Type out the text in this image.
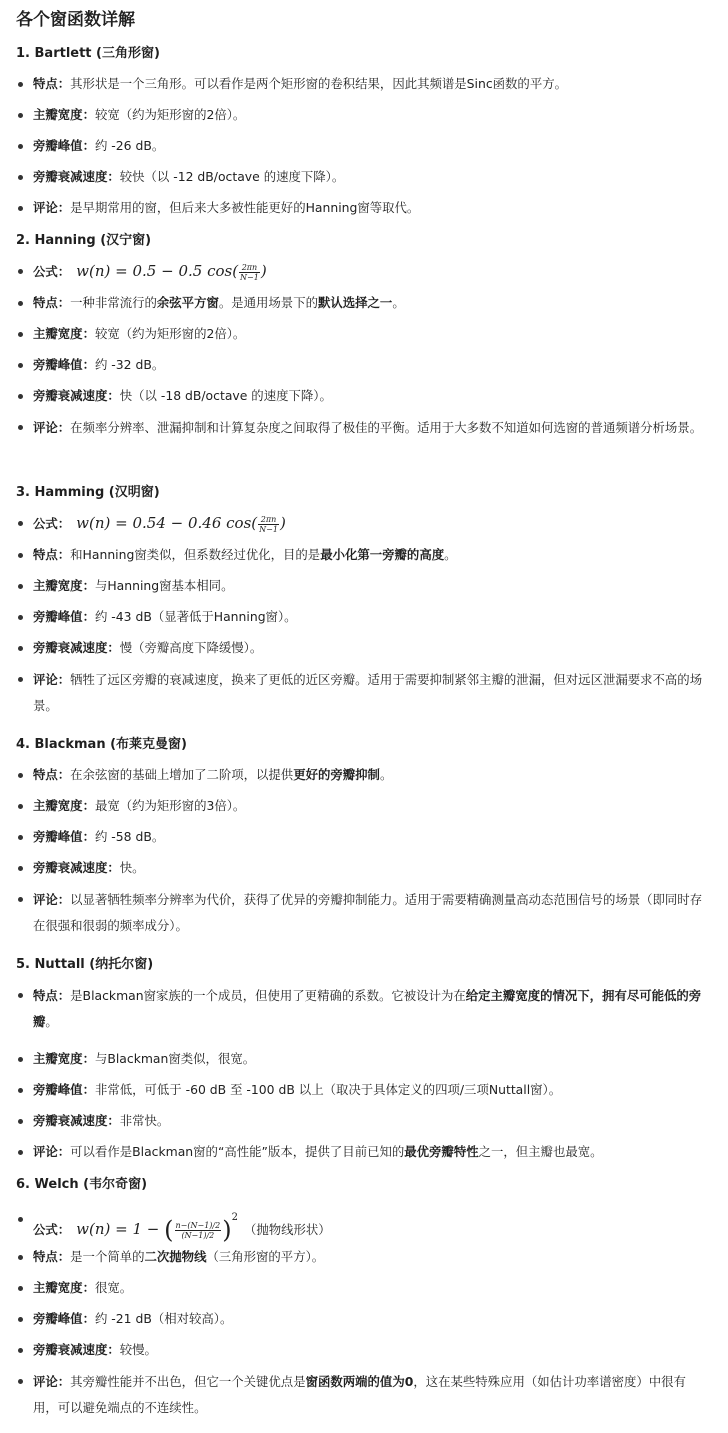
各个窗函数详解
1. Bartlett (三角形窗)
特点：其形状是一个三角形。可以看作是两个矩形窗的卷积结果，因此其频谱是Sinc函数的平方。
主瓣宽度：较宽（约为矩形窗的2倍）。
旁瓣峰值：约 -26 dB。
旁瓣衰减速度：较快（以 -12 dB/octave 的速度下降）。
评论：是早期常用的窗，但后来大多被性能更好的Hanning窗等取代。
2. Hanning (汉宁窗)
公式： w(n) = 0.5 − 0.5 $\cos( \frac{2\pi n}{N-1}$ )
特点：一种非常流行的余弦平方窗。是通用场景下的默认选择之一。
主瓣宽度：较宽（约为矩形窗的2倍）。
旁瓣峰值：约 -32 dB。
旁瓣衰减速度：快（以 -18 dB/octave 的速度下降）。
评论：在频率分辨率、泄漏抑制和计算复杂度之间取得了极佳的平衡。适用于大多数不知道如何选窗的普通频谱分析场景。
3. Hamming (汉明窗)
公式： w(n) = 0.54 − 0.46 $\cos( \frac{2\pi n}{N-1}$ )
特点：和Hanning窗类似，但系数经过优化，目的是最小化第一旁瓣的高度。
主瓣宽度：与Hanning窗基本相同。
旁瓣峰值：约 -43 dB（显著低于Hanning窗）。
旁瓣衰减速度：慢（旁瓣高度下降缓慢）。
评论：牺牲了远区旁瓣的衰减速度，换来了更低的近区旁瓣。适用于需要抑制紧邻主瓣的泄漏，但对远区泄漏要求不高的场景。
4. Blackman (布莱克曼窗)
特点：在余弦窗的基础上增加了二阶项，以提供更好的旁瓣抑制。
主瓣宽度：最宽（约为矩形窗的3倍）。
旁瓣峰值：约 -58 dB。
旁瓣衰减速度：快。
评论：以显著牺牲频率分辨率为代价，获得了优异的旁瓣抑制能力。适用于需要精确测量高动态范围信号的场景（即同时存在很强和很弱的频率成分）。
5. Nuttall (纳托尔窗)
特点：是Blackman窗家族的一个成员，但使用了更精确的系数。它被设计为在给定主瓣宽度的情况下，拥有尽可能低的旁瓣。
主瓣宽度：与Blackman窗类似，很宽。
旁瓣峰值：非常低，可低于 -60 dB 至 -100 dB 以上（取决于具体定义的四项/三项Nuttall窗）。
旁瓣衰减速度：非常快。
评论：可以看作是Blackman窗的“高性能”版本，提供了目前已知的最优旁瓣特性之一，但主瓣也最宽。
6. Welch (韦尔奇窗)
公式： w(n) = 1 − ( $\frac{n-(N-1)/2}{(N-1)/2} )^2$（抛物线形状）
特点：是一个简单的二次抛物线（三角形窗的平方）。
主瓣宽度：很宽。
旁瓣峰值：约 -21 dB（相对较高）。
旁瓣衰减速度：较慢。
评论：其旁瓣性能并不出色，但它一个关键优点是窗函数两端的值为0，这在某些特殊应用（如估计功率谱密度）中很有用，可以避免端点的不连续性。
